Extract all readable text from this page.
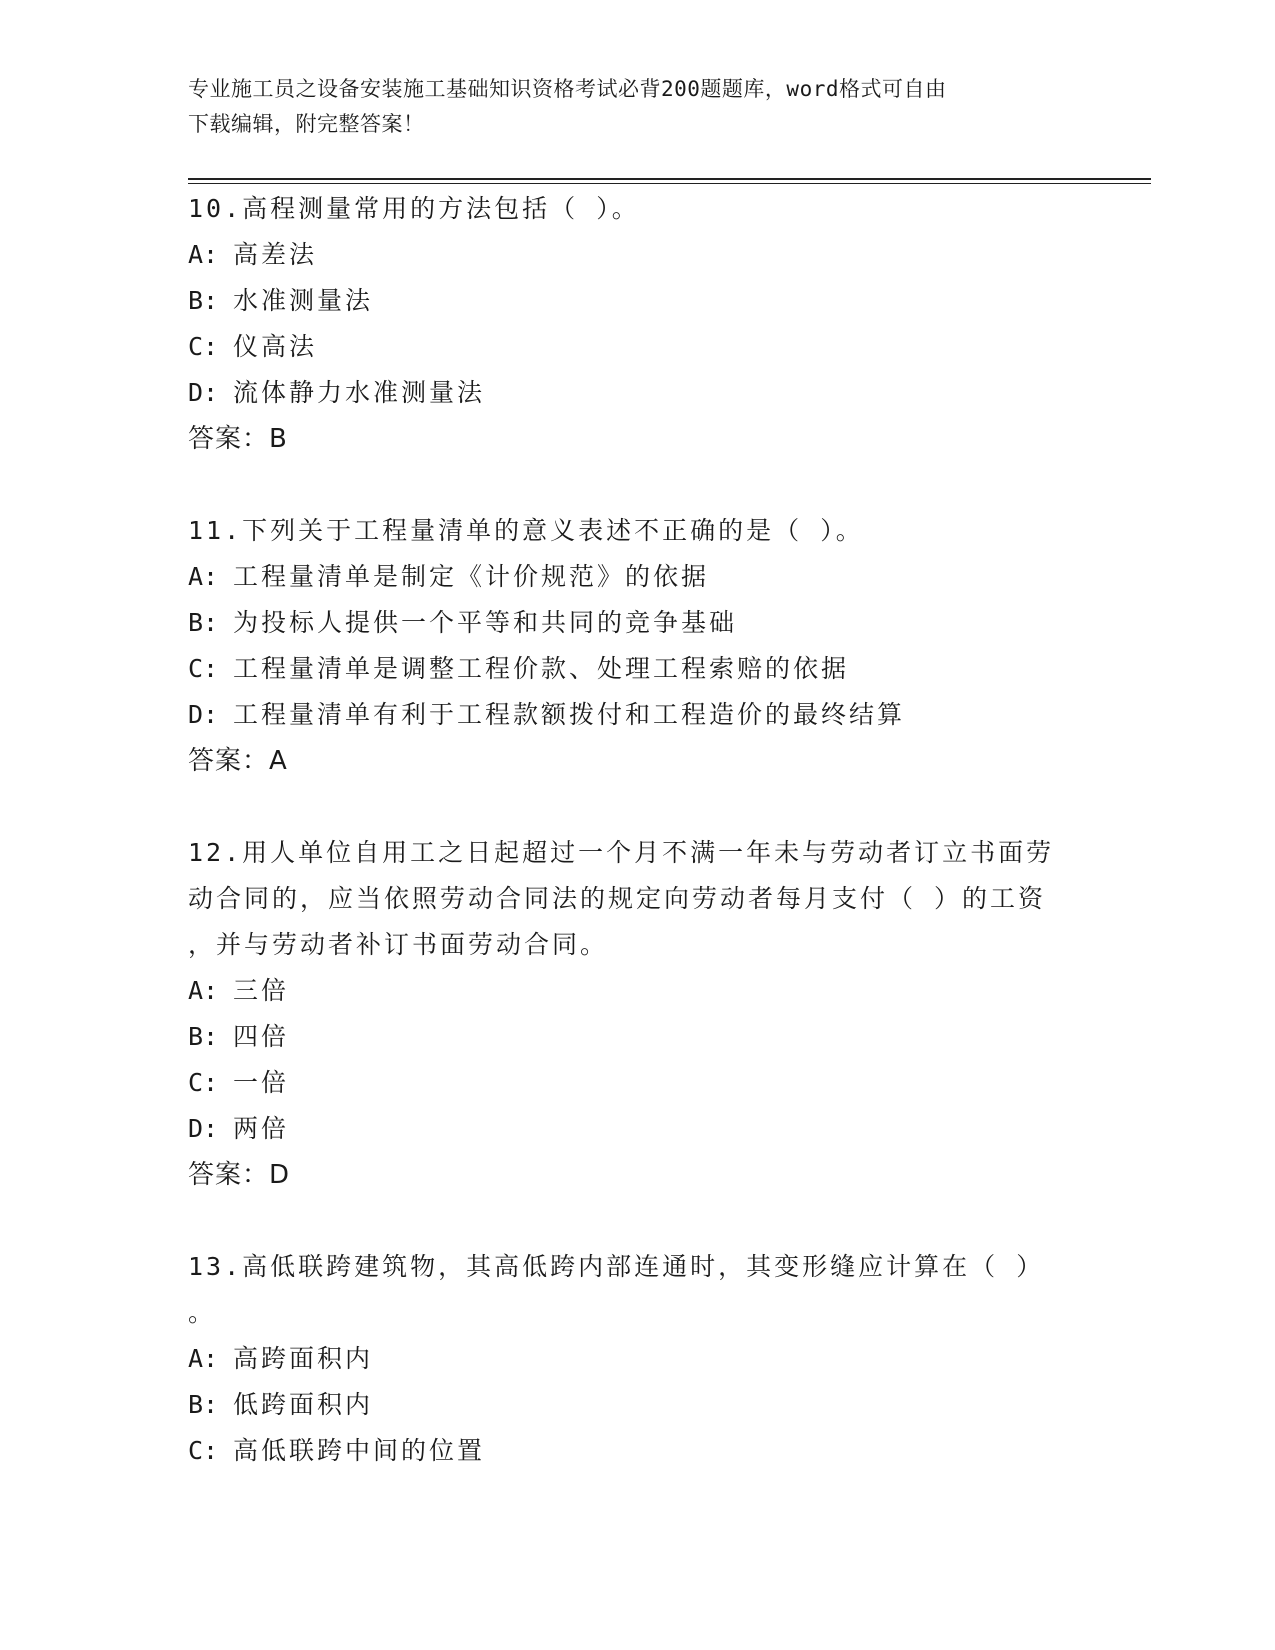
专业施工员之设备安装施工基础知识资格考试必背200题题库，word格式可自由
下载编辑，附完整答案！
10.高程测量常用的方法包括（ ）。
A: 高差法
B: 水准测量法
C: 仪高法
D: 流体静力水准测量法
答案：B
11.下列关于工程量清单的意义表述不正确的是（ ）。
A: 工程量清单是制定《计价规范》的依据
B: 为投标人提供一个平等和共同的竞争基础
C: 工程量清单是调整工程价款、处理工程索赔的依据
D: 工程量清单有利于工程款额拨付和工程造价的最终结算
答案：A
12.用人单位自用工之日起超过一个月不满一年未与劳动者订立书面劳
动合同的，应当依照劳动合同法的规定向劳动者每月支付（ ）的工资
，并与劳动者补订书面劳动合同。
A: 三倍
B: 四倍
C: 一倍
D: 两倍
答案：D
13.高低联跨建筑物，其高低跨内部连通时，其变形缝应计算在（ ）
。
A: 高跨面积内
B: 低跨面积内
C: 高低联跨中间的位置
